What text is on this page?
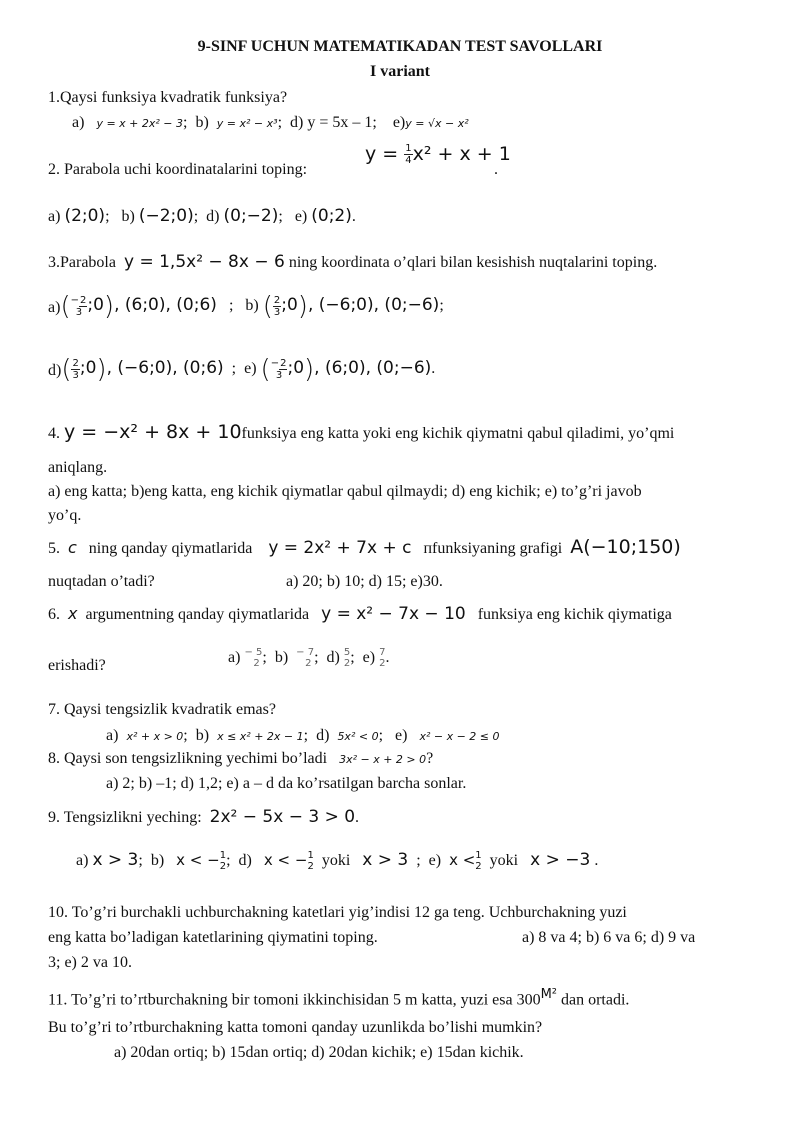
9-SINF UCHUN MATEMATIKADAN TEST SAVOLLARI
I variant
1.Qaysi funksiya kvadratik funksiya?
a) y = x + 2x² − 3;  b) y = x² − x³;  d) y = 5x – 1; e)y = √x − x²
2. Parabola uchi koordinatalarini toping:
$y = \frac{1}{4} x^2 + x + 1$
.
a) (2;0);   b) (−2;0);  d) (0;−2);   e) (0;2).
3.Parabola y = 1,5x² − 8x − 6 ning koordinata o’qlari bilan kesishish nuqtalarini toping.
a)(−2

3 ;0), (6;0), (0;6)   ;   b) ( $\frac{2}{3}$ ;0), (−6;0), (0;−6);
$d)( \frac{2}{3}$ ;0), (−6;0), (0;6)  ;  e) (−2

3 ;0), (6;0), (0;−6).
4. y = −x² + 8x + 10funksiya eng katta yoki eng kichik qiymatni qabul qiladimi, yo’qmi
aniqlang.
a) eng katta; b)eng katta, eng kichik qiymatlar qabul qilmaydi; d) eng kichik; e) to’g’ri javob
yo’q.
5. c ning qanday qiymatlarida y = 2x² + 7x + c пfunksiyaning grafigi A(−10;150)
nuqtadan o’tadi?	a) 20; b) 10; d) 15; e)30.
6. x argumentning qanday qiymatlarida y = x² − 7x − 10 funksiya eng kichik qiymatiga
erishadi?	a) − 5
2 ;  b) − 7
2 ;  d) 5
2;  e) 7
2.
7. Qaysi tengsizlik kvadratik emas?
a)  x² + x > 0;  b)  x ≤ x² + 2x − 1;  d)  5x² < 0;   e)   x² − x − 2 ≤ 0
8. Qaysi son tengsizlikning yechimi bo’ladi 3x² − x + 2 > 0?
a) 2; b) –1; d) 1,2; e) a – d da ko’rsatilgan barcha sonlar.
9. Tengsizlikni yeching: 2x² − 5x − 3 > 0.
a) x > 3;  b)   x < −1
2;  d)   x < −1
2 yoki x > 3  ;  e)  x <1
2 yoki x > −3 .
10. To’g’ri burchakli uchburchakning katetlari yig’indisi 12 ga teng. Uchburchakning yuzi
eng katta bo’ladigan katetlarining qiymatini toping.	a) 8 va 4; b) 6 va 6; d) 9 va
3; e) 2 va 10.
11. To’g’ri to’rtburchakning bir tomoni ikkinchisidan 5 m katta, yuzi esa $300^{M^2}$ dan ortadi.
Bu to’g’ri to’rtburchakning katta tomoni qanday uzunlikda bo’lishi mumkin?
a) 20dan ortiq; b) 15dan ortiq; d) 20dan kichik; e) 15dan kichik.
